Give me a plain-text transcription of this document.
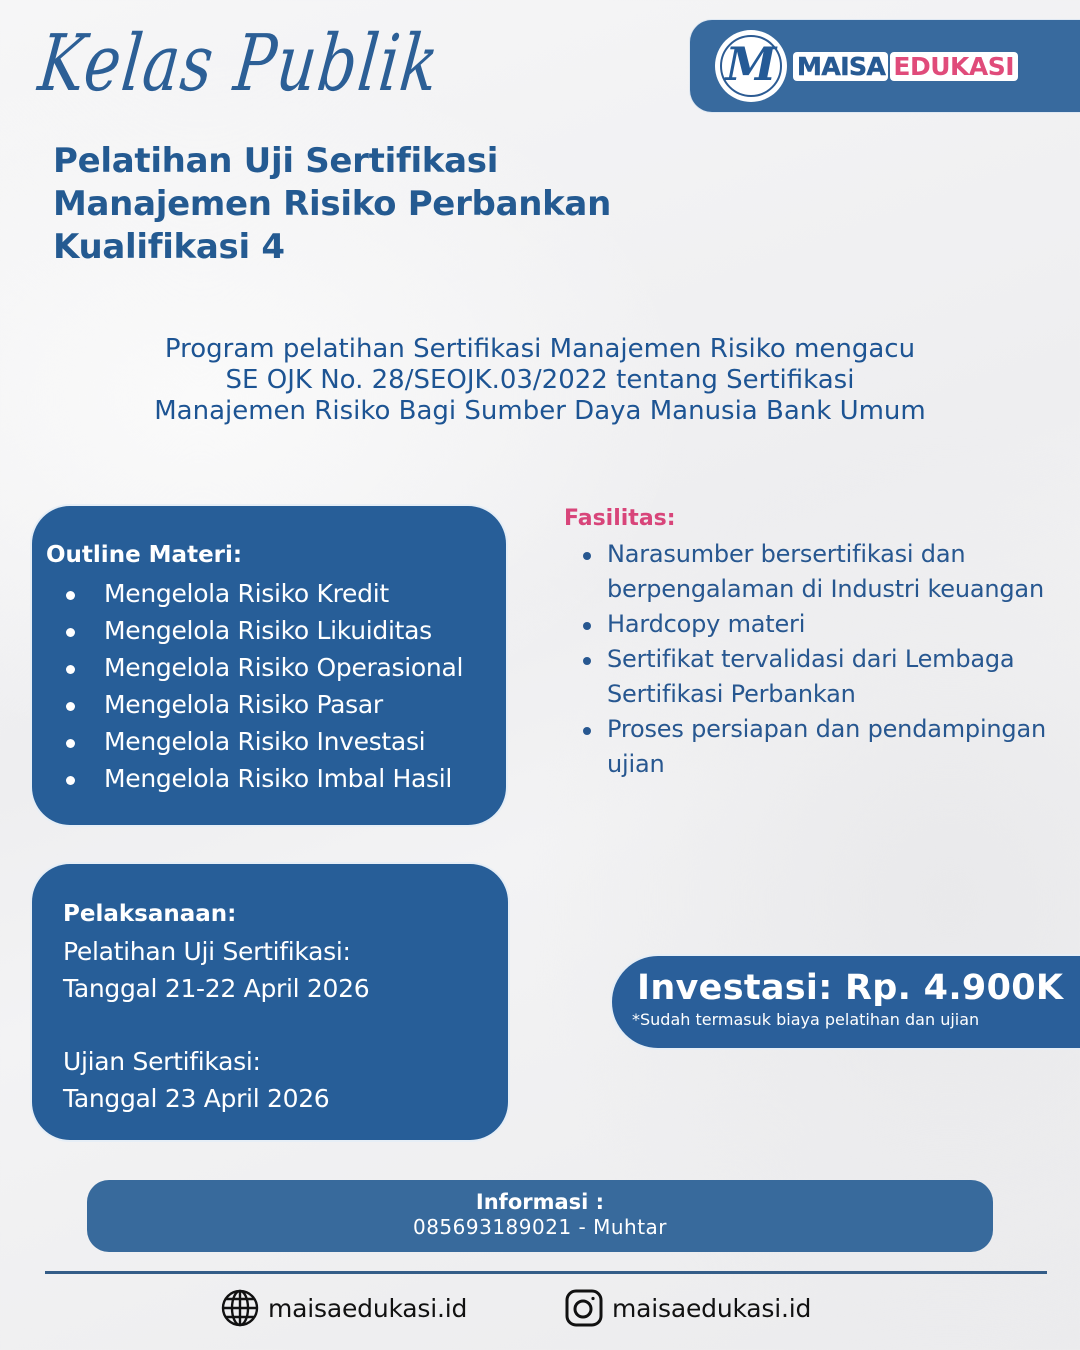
M MAISA EDUKASI
Kelas Publik
Pelatihan Uji Sertifikasi
Manajemen Risiko Perbankan
Kualifikasi 4
Program pelatihan Sertifikasi Manajemen Risiko mengacu
SE OJK No. 28/SEOJK.03/2022 tentang Sertifikasi
Manajemen Risiko Bagi Sumber Daya Manusia Bank Umum
Outline Materi:
Mengelola Risiko Kredit
Mengelola Risiko Likuiditas
Mengelola Risiko Operasional
Mengelola Risiko Pasar
Mengelola Risiko Investasi
Mengelola Risiko Imbal Hasil
Fasilitas:
Narasumber bersertifikasi dan berpengalaman di Industri keuangan
Hardcopy materi
Sertifikat tervalidasi dari Lembaga Sertifikasi Perbankan
Proses persiapan dan pendampingan ujian
Pelaksanaan:
Pelatihan Uji Sertifikasi:
Tanggal 21-22 April 2026
Ujian Sertifikasi:
Tanggal 23 April 2026
Investasi: Rp. 4.900K
*Sudah termasuk biaya pelatihan dan ujian
Informasi :
085693189021 - Muhtar
maisaedukasi.id	maisaedukasi.id
